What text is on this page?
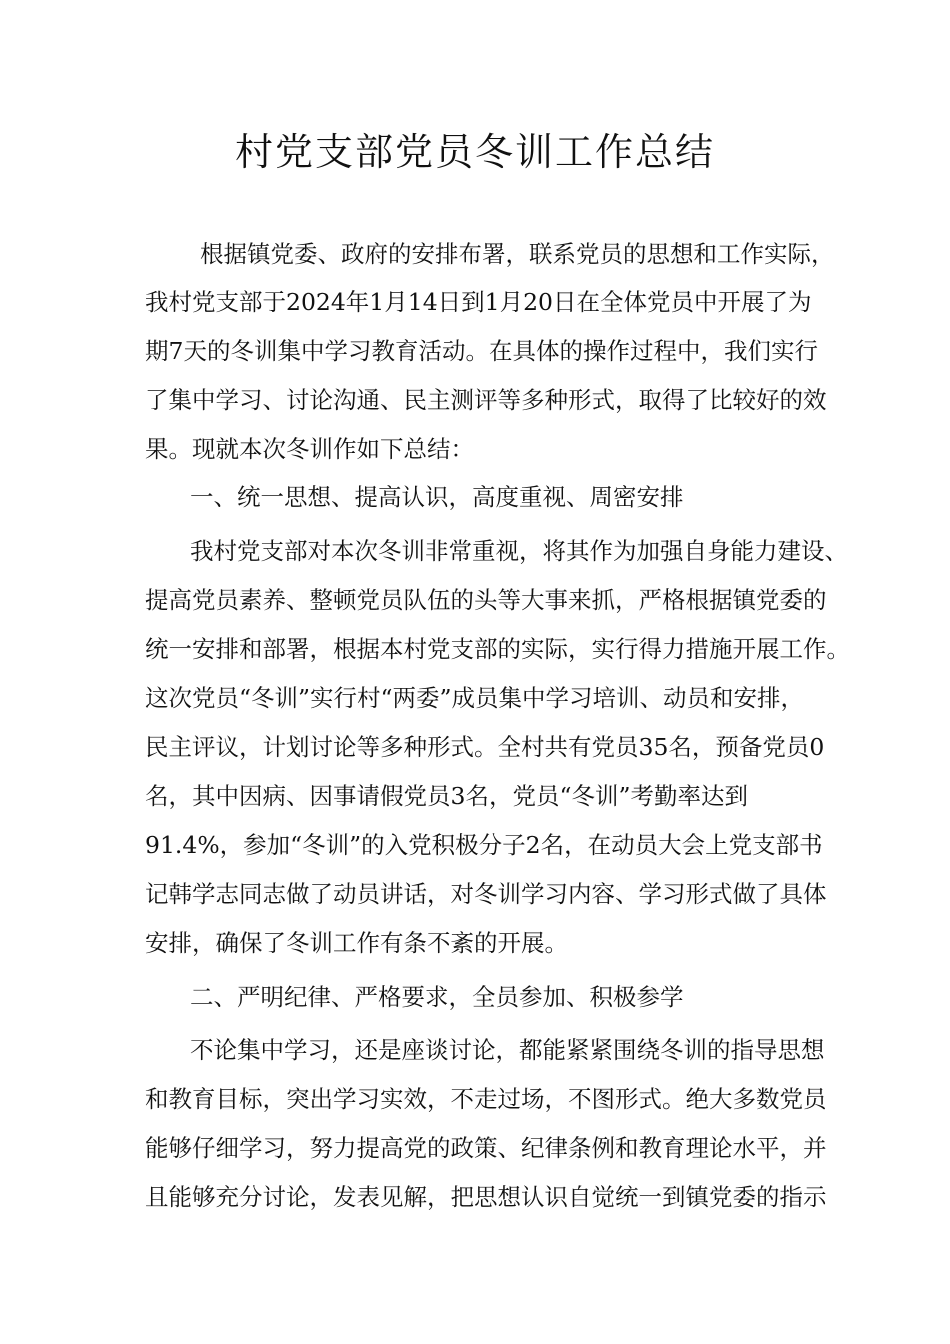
村党支部党员冬训工作总结

根据镇党委、政府的安排布署，联系党员的思想和工作实际，

我村党支部于2024年1月14日到1月20日在全体党员中开展了为

期7天的冬训集中学习教育活动。在具体的操作过程中，我们实行

了集中学习、讨论沟通、民主测评等多种形式，取得了比较好的效

果。现就本次冬训作如下总结：

一、统一思想、提高认识，高度重视、周密安排

我村党支部对本次冬训非常重视，将其作为加强自身能力建设、

提高党员素养、整顿党员队伍的头等大事来抓，严格根据镇党委的

统一安排和部署，根据本村党支部的实际，实行得力措施开展工作。

这次党员“冬训”实行村“两委”成员集中学习培训、动员和安排，

民主评议，计划讨论等多种形式。全村共有党员35名，预备党员0

名，其中因病、因事请假党员3名，党员“冬训”考勤率达到

91.4%，参加“冬训”的入党积极分子2名，在动员大会上党支部书

记韩学志同志做了动员讲话，对冬训学习内容、学习形式做了具体

安排，确保了冬训工作有条不紊的开展。

二、严明纪律、严格要求，全员参加、积极参学

不论集中学习，还是座谈讨论，都能紧紧围绕冬训的指导思想

和教育目标，突出学习实效，不走过场，不图形式。绝大多数党员

能够仔细学习，努力提高党的政策、纪律条例和教育理论水平，并

且能够充分讨论，发表见解，把思想认识自觉统一到镇党委的指示
